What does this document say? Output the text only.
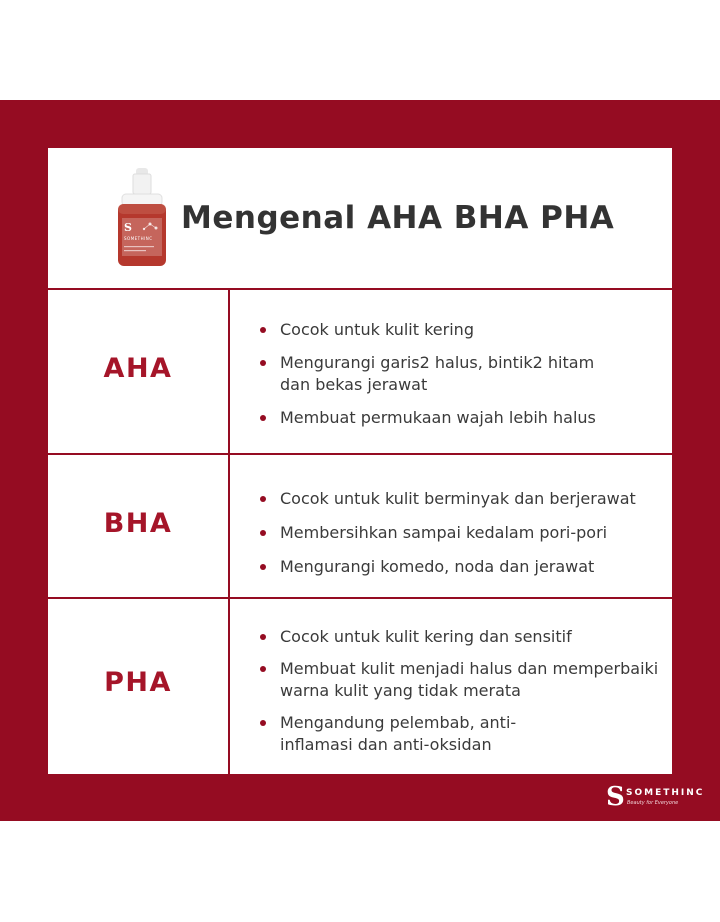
S
SOMETHINC
Mengenal AHA BHA PHA
AHA
Cocok untuk kulit kering
Mengurangi garis2 halus, bintik2 hitam dan bekas jerawat
Membuat permukaan wajah lebih halus
BHA
Cocok untuk kulit berminyak dan berjerawat
Membersihkan sampai kedalam pori-pori
Mengurangi komedo, noda dan jerawat
PHA
Cocok untuk kulit kering dan sensitif
Membuat kulit menjadi halus dan memperbaiki warna kulit yang tidak merata
Mengandung pelembab, anti-inflamasi dan anti-oksidan
S SOMETHINC
Beauty for Everyone
